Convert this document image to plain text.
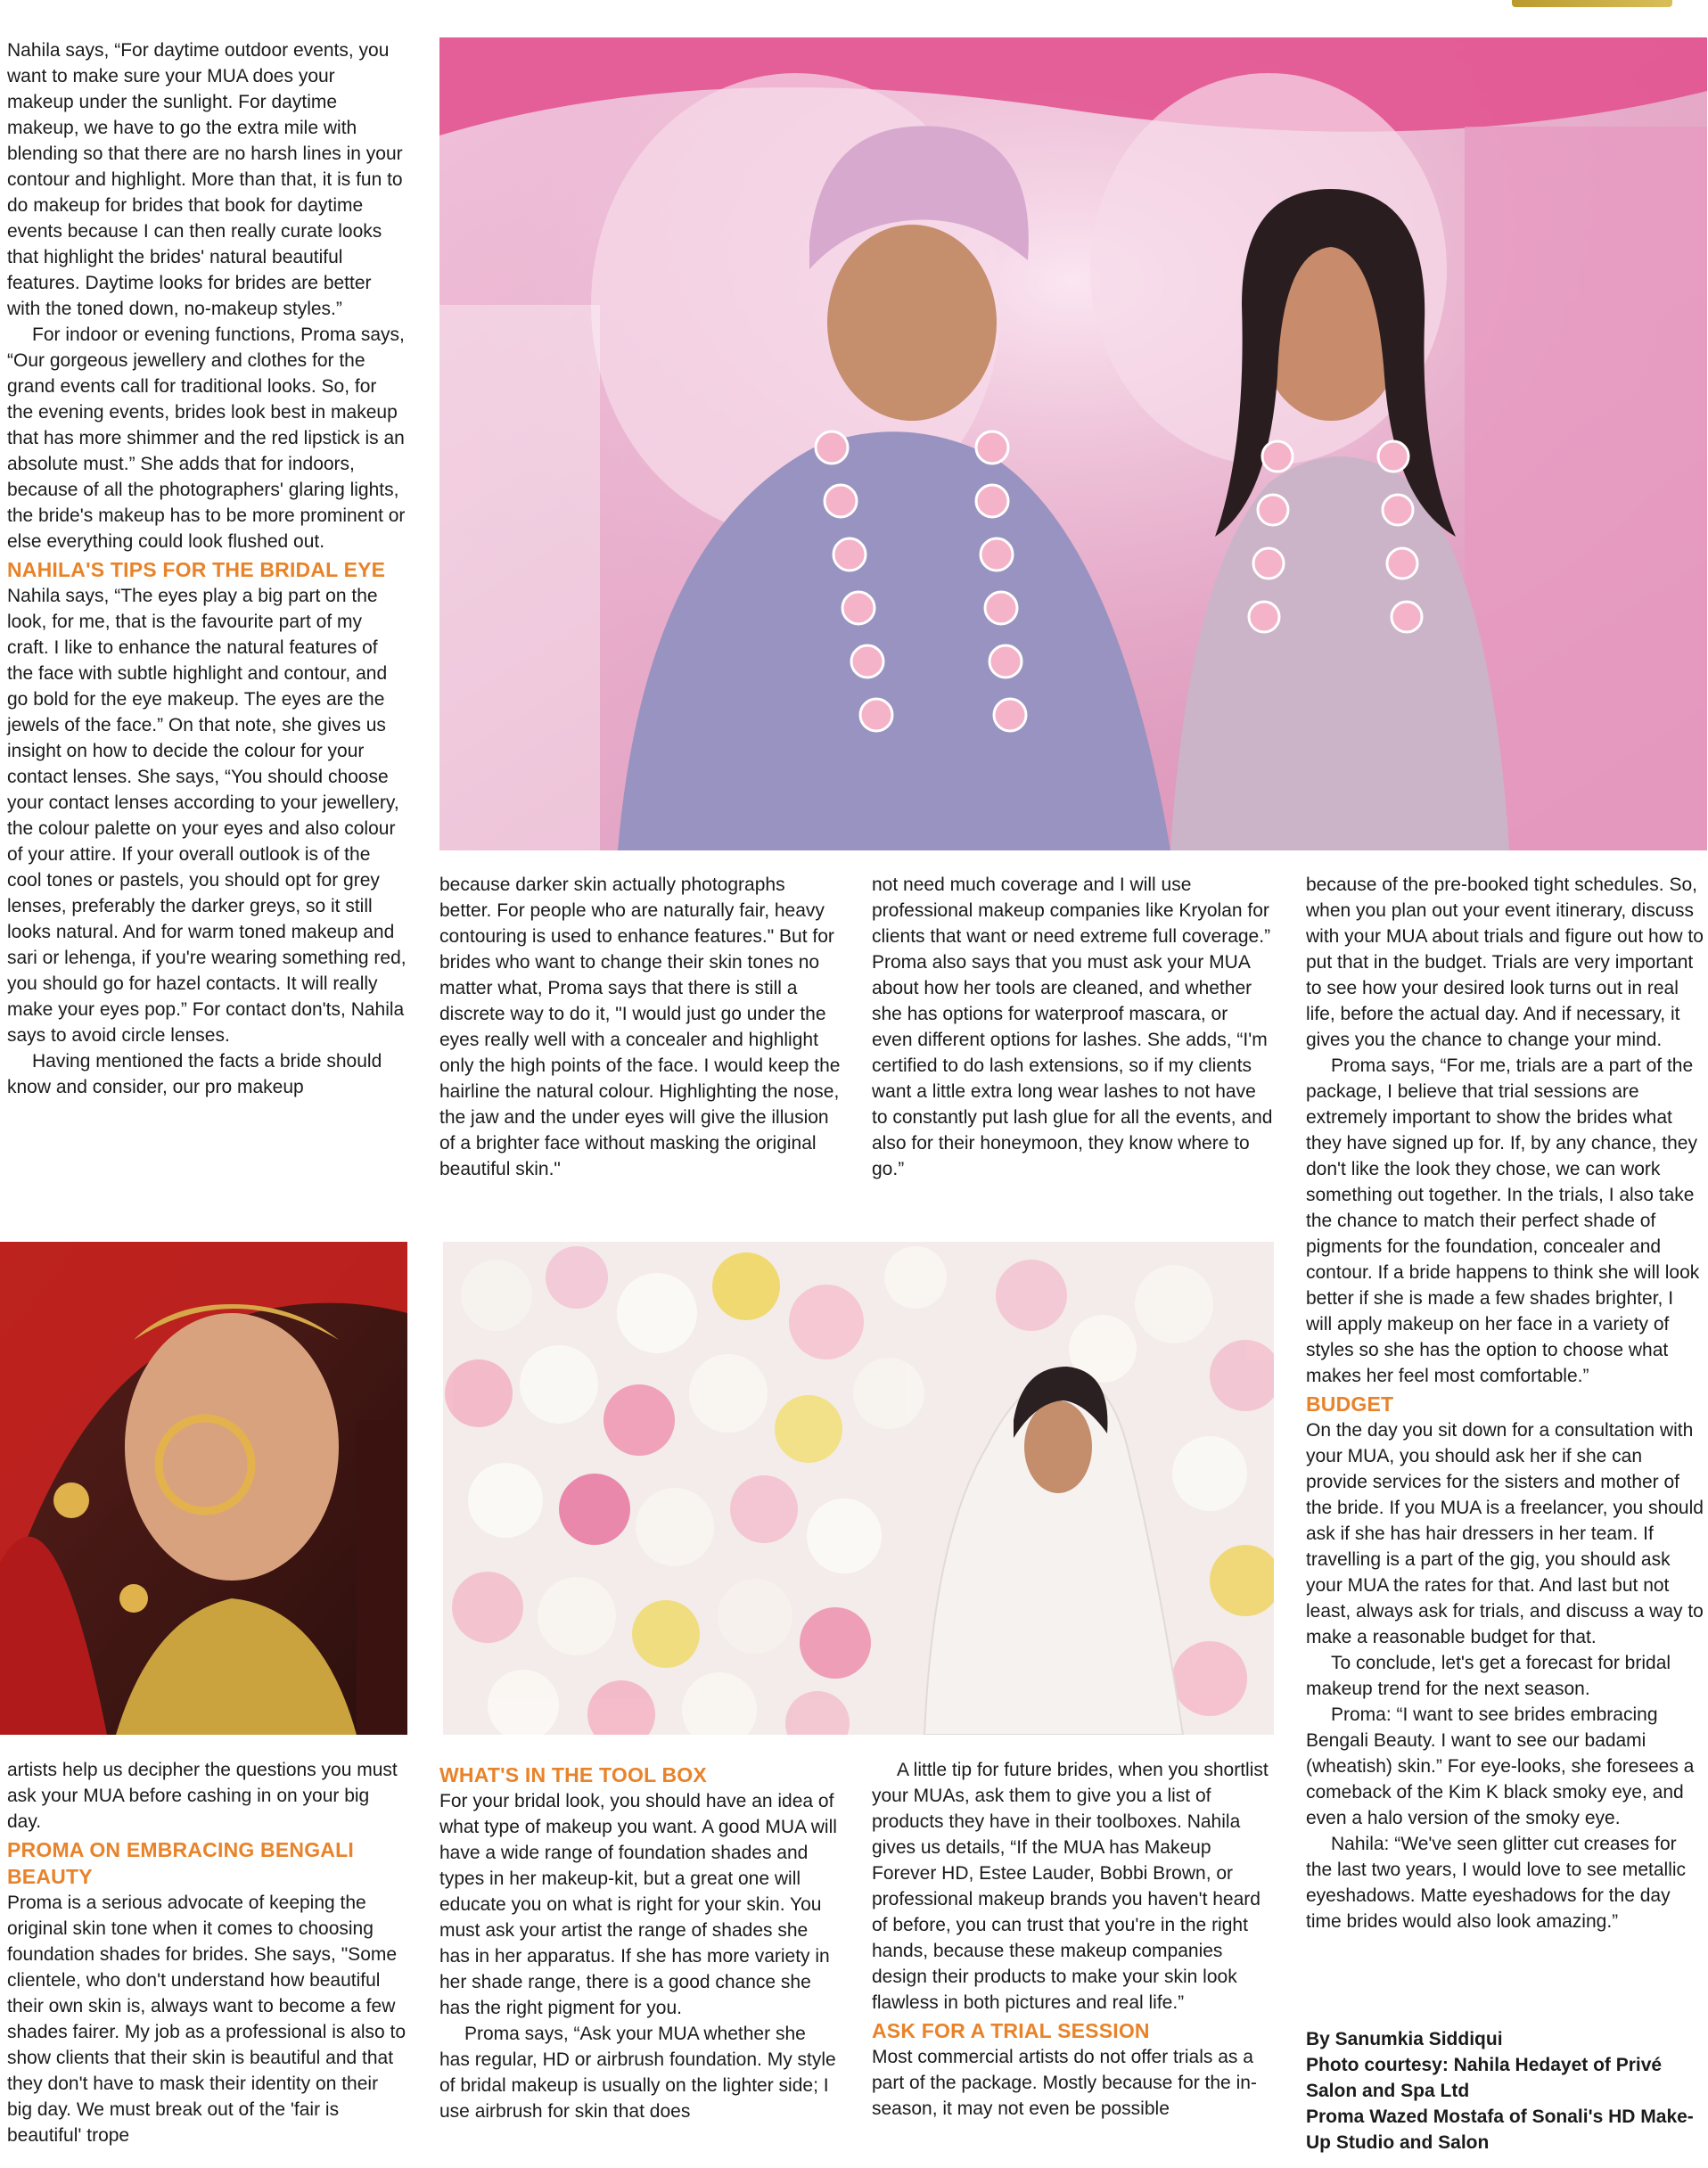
Nahila says, “For daytime outdoor events, you want to make sure your MUA does your makeup under the sunlight. For daytime makeup, we have to go the extra mile with blending so that there are no harsh lines in your contour and highlight. More than that, it is fun to do makeup for brides that book for daytime events because I can then really curate looks that highlight the brides' natural beautiful features. Daytime looks for brides are better with the toned down, no-makeup styles.”

For indoor or evening functions, Proma says, “Our gorgeous jewellery and clothes for the grand events call for traditional looks. So, for the evening events, brides look best in makeup that has more shimmer and the red lipstick is an absolute must.” She adds that for indoors, because of all the photographers' glaring lights, the bride's makeup has to be more prominent or else everything could look flushed out.

NAHILA'S TIPS FOR THE BRIDAL EYE

Nahila says, “The eyes play a big part on the look, for me, that is the favourite part of my craft. I like to enhance the natural features of the face with subtle highlight and contour, and go bold for the eye makeup. The eyes are the jewels of the face.” On that note, she gives us insight on how to decide the colour for your contact lenses. She says, “You should choose your contact lenses according to your jewellery, the colour palette on your eyes and also colour of your attire. If your overall outlook is of the cool tones or pastels, you should opt for grey lenses, preferably the darker greys, so it still looks natural. And for warm toned makeup and sari or lehenga, if you're wearing something red, you should go for hazel contacts. It will really make your eyes pop.” For contact don'ts, Nahila says to avoid circle lenses.

Having mentioned the facts a bride should know and consider, our pro makeup

artists help us decipher the questions you must ask your MUA before cashing in on your big day.

PROMA ON EMBRACING BENGALI BEAUTY

Proma is a serious advocate of keeping the original skin tone when it comes to choosing foundation shades for brides. She says, "Some clientele, who don't understand how beautiful their own skin is, always want to become a few shades fairer. My job as a professional is also to show clients that their skin is beautiful and that they don't have to mask their identity on their big day. We must break out of the 'fair is beautiful' trope

because darker skin actually photographs better. For people who are naturally fair, heavy contouring is used to enhance features." But for brides who want to change their skin tones no matter what, Proma says that there is still a discrete way to do it, "I would just go under the eyes really well with a concealer and highlight only the high points of the face. I would keep the hairline the natural colour. Highlighting the nose, the jaw and the under eyes will give the illusion of a brighter face without masking the original beautiful skin."

not need much coverage and I will use professional makeup companies like Kryolan for clients that want or need extreme full coverage.” Proma also says that you must ask your MUA about how her tools are cleaned, and whether she has options for waterproof mascara, or even different options for lashes. She adds, “I'm certified to do lash extensions, so if my clients want a little extra long wear lashes to not have to constantly put lash glue for all the events, and also for their honeymoon, they know where to go.”

WHAT'S IN THE TOOL BOX

For your bridal look, you should have an idea of what type of makeup you want. A good MUA will have a wide range of foundation shades and types in her makeup-kit, but a great one will educate you on what is right for your skin. You must ask your artist the range of shades she has in her apparatus. If she has more variety in her shade range, there is a good chance she has the right pigment for you.

Proma says, “Ask your MUA whether she has regular, HD or airbrush foundation. My style of bridal makeup is usually on the lighter side; I use airbrush for skin that does

A little tip for future brides, when you shortlist your MUAs, ask them to give you a list of products they have in their toolboxes. Nahila gives us details, “If the MUA has Makeup Forever HD, Estee Lauder, Bobbi Brown, or professional makeup brands you haven't heard of before, you can trust that you're in the right hands, because these makeup companies design their products to make your skin look flawless in both pictures and real life.”

ASK FOR A TRIAL SESSION

Most commercial artists do not offer trials as a part of the package. Mostly because for the in-season, it may not even be possible

because of the pre-booked tight schedules. So, when you plan out your event itinerary, discuss with your MUA about trials and figure out how to put that in the budget. Trials are very important to see how your desired look turns out in real life, before the actual day. And if necessary, it gives you the chance to change your mind.

Proma says, “For me, trials are a part of the package, I believe that trial sessions are extremely important to show the brides what they have signed up for. If, by any chance, they don't like the look they chose, we can work something out together. In the trials, I also take the chance to match their perfect shade of pigments for the foundation, concealer and contour. If a bride happens to think she will look better if she is made a few shades brighter, I will apply makeup on her face in a variety of styles so she has the option to choose what makes her feel most comfortable.”

BUDGET

On the day you sit down for a consultation with your MUA, you should ask her if she can provide services for the sisters and mother of the bride. If you MUA is a freelancer, you should ask if she has hair dressers in her team. If travelling is a part of the gig, you should ask your MUA the rates for that. And last but not least, always ask for trials, and discuss a way to make a reasonable budget for that.

To conclude, let's get a forecast for bridal makeup trend for the next season.

Proma: “I want to see brides embracing Bengali Beauty. I want to see our badami (wheatish) skin.” For eye-looks, she foresees a comeback of the Kim K black smoky eye, and even a halo version of the smoky eye.

Nahila: “We've seen glitter cut creases for the last two years, I would love to see metallic eyeshadows. Matte eyeshadows for the day time brides would also look amazing.”

By Sanumkia Siddiqui

Photo courtesy: Nahila Hedayet of Privé Salon and Spa Ltd

Proma Wazed Mostafa of Sonali's HD Make-Up Studio and Salon
